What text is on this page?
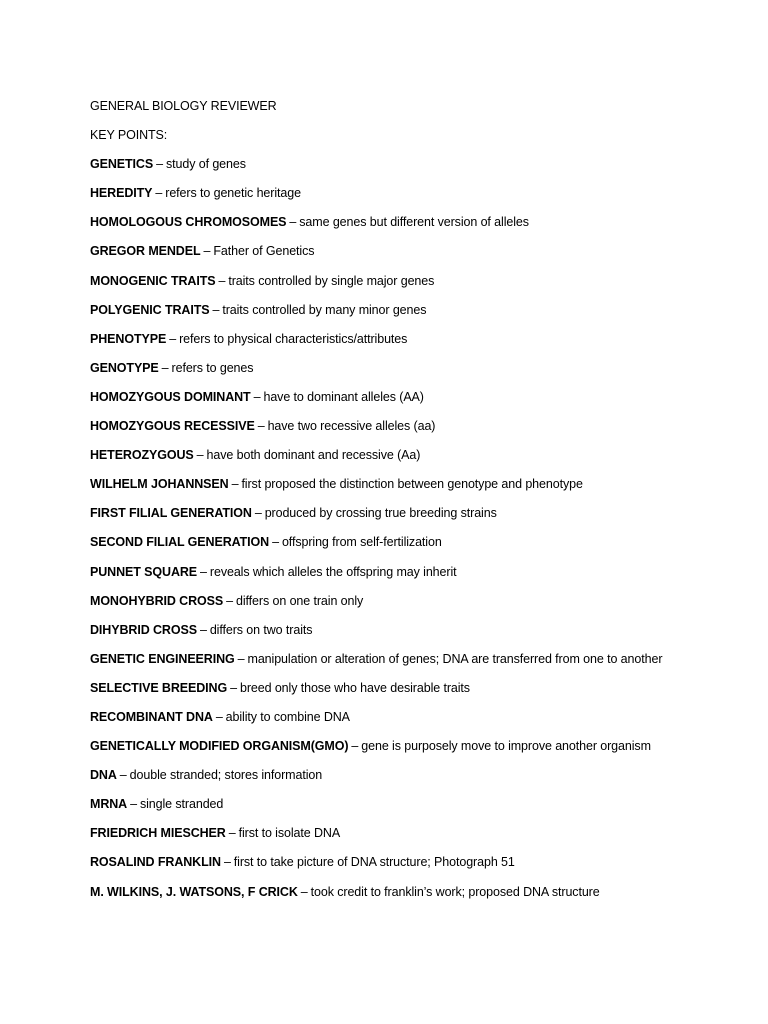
GENERAL BIOLOGY REVIEWER
KEY POINTS:
GENETICS – study of genes
HEREDITY – refers to genetic heritage
HOMOLOGOUS CHROMOSOMES – same genes but different version of alleles
GREGOR MENDEL – Father of Genetics
MONOGENIC TRAITS – traits controlled by single major genes
POLYGENIC TRAITS – traits controlled by many minor genes
PHENOTYPE – refers to physical characteristics/attributes
GENOTYPE – refers to genes
HOMOZYGOUS DOMINANT – have to dominant alleles (AA)
HOMOZYGOUS RECESSIVE – have two recessive alleles (aa)
HETEROZYGOUS – have both dominant and recessive (Aa)
WILHELM JOHANNSEN – first proposed the distinction between genotype and phenotype
FIRST FILIAL GENERATION – produced by crossing true breeding strains
SECOND FILIAL GENERATION – offspring from self-fertilization
PUNNET SQUARE – reveals which alleles the offspring may inherit
MONOHYBRID CROSS – differs on one train only
DIHYBRID CROSS – differs on two traits
GENETIC ENGINEERING – manipulation or alteration of genes; DNA are transferred from one to another
SELECTIVE BREEDING – breed only those who have desirable traits
RECOMBINANT DNA – ability to combine DNA
GENETICALLY MODIFIED ORGANISM(GMO) – gene is purposely move to improve another organism
DNA – double stranded; stores information
MRNA – single stranded
FRIEDRICH MIESCHER – first to isolate DNA
ROSALIND FRANKLIN – first to take picture of DNA structure; Photograph 51
M. WILKINS, J. WATSONS, F CRICK – took credit to franklin’s work; proposed DNA structure
